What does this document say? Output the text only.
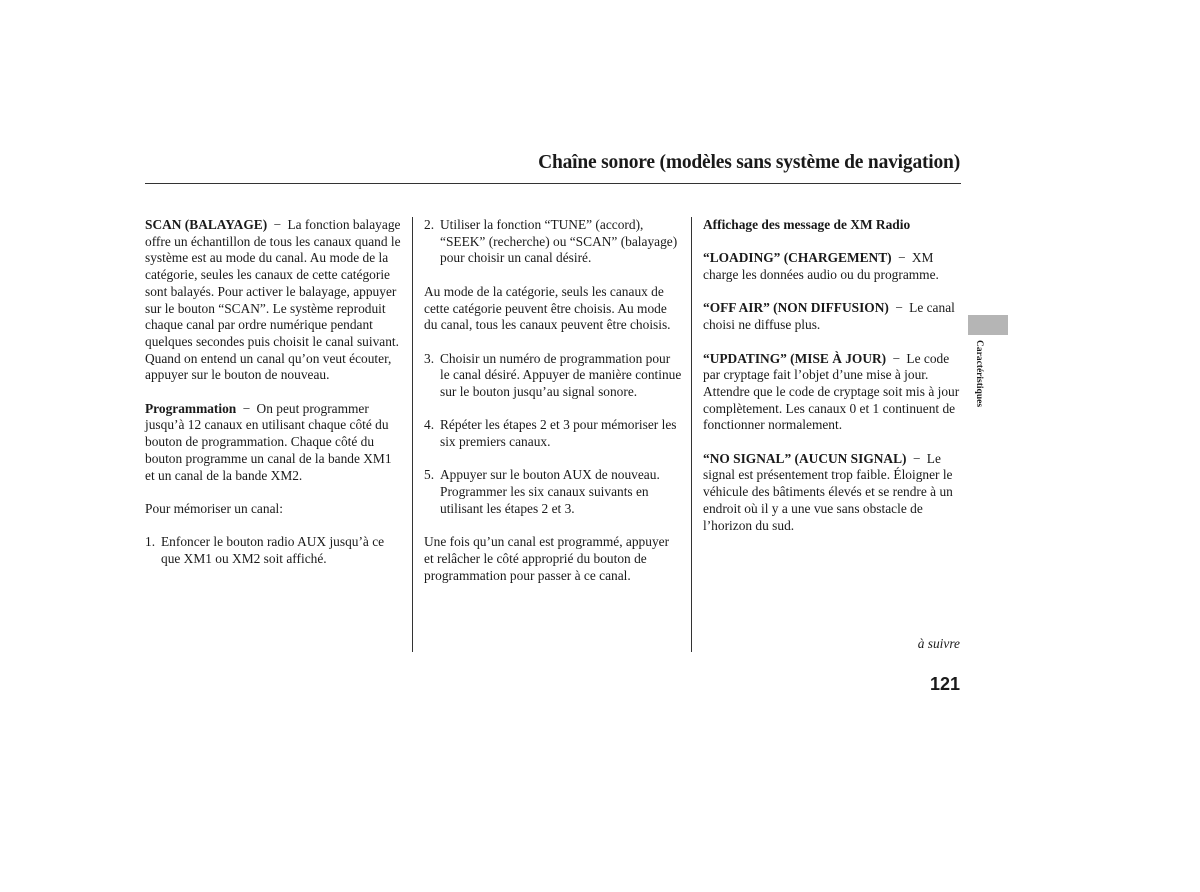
Chaîne sonore (modèles sans système de navigation)

SCAN (BALAYAGE) − La fonction balayage offre un échantillon de tous les canaux quand le système est au mode du canal. Au mode de la catégorie, seules les canaux de cette catégorie sont balayés. Pour activer le balayage, appuyer sur le bouton “SCAN”. Le système reproduit chaque canal par ordre numérique pendant quelques secondes puis choisit le canal suivant. Quand on entend un canal qu’on veut écouter, appuyer sur le bouton de nouveau.

Programmation − On peut programmer jusqu’à 12 canaux en utilisant chaque côté du bouton de programmation. Chaque côté du bouton programme un canal de la bande XM1 et un canal de la bande XM2.

Pour mémoriser un canal:

1. Enfoncer le bouton radio AUX jusqu’à ce que XM1 ou XM2 soit affiché.
2. Utiliser la fonction “TUNE” (accord), “SEEK” (recherche) ou “SCAN” (balayage) pour choisir un canal désiré.

Au mode de la catégorie, seuls les canaux de cette catégorie peuvent être choisis. Au mode du canal, tous les canaux peuvent être choisis.

3. Choisir un numéro de programmation pour le canal désiré. Appuyer de manière continue sur le bouton jusqu’au signal sonore.
4. Répéter les étapes 2 et 3 pour mémoriser les six premiers canaux.
5. Appuyer sur le bouton AUX de nouveau. Programmer les six canaux suivants en utilisant les étapes 2 et 3.

Une fois qu’un canal est programmé, appuyer et relâcher le côté approprié du bouton de programmation pour passer à ce canal.

Affichage des message de XM Radio

“LOADING” (CHARGEMENT) − XM charge les données audio ou du programme.

“OFF AIR” (NON DIFFUSION) − Le canal choisi ne diffuse plus.

“UPDATING” (MISE À JOUR) − Le code par cryptage fait l’objet d’une mise à jour. Attendre que le code de cryptage soit mis à jour complètement. Les canaux 0 et 1 continuent de fonctionner normalement.

“NO SIGNAL” (AUCUN SIGNAL) − Le signal est présentement trop faible. Éloigner le véhicule des bâtiments élevés et se rendre à un endroit où il y a une vue sans obstacle de l’horizon du sud.

à suivre
121
Caractéristiques
